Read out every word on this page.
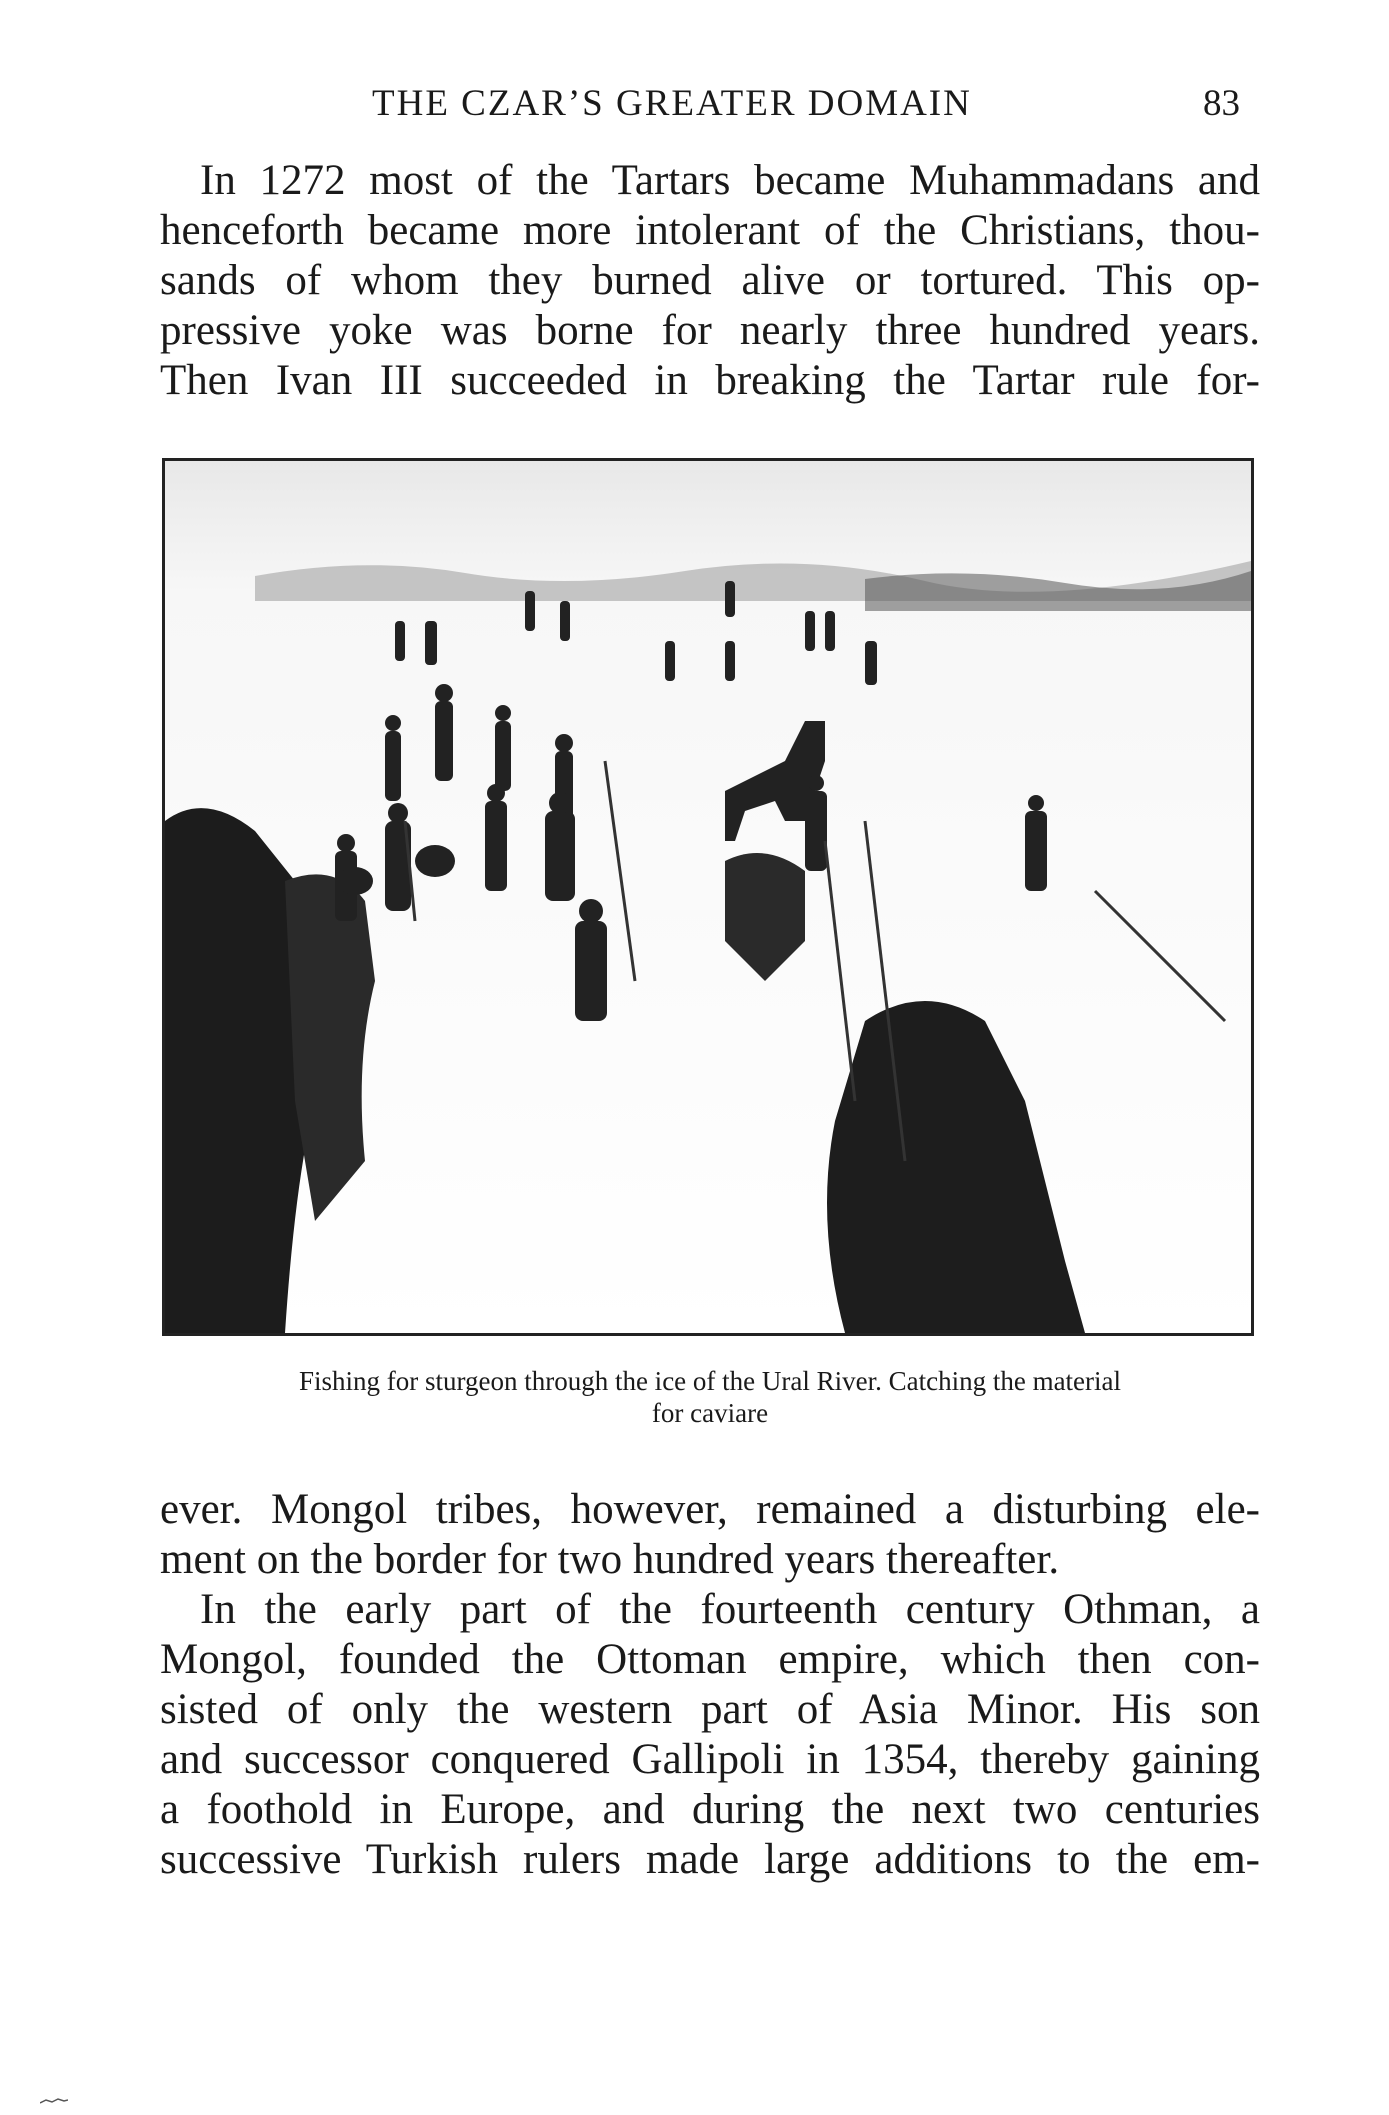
THE CZAR’S GREATER DOMAIN	83

In 1272 most of the Tartars became Muhammadans and
henceforth became more intolerant of the Christians, thou-
sands of whom they burned alive or tortured. This op-
pressive yoke was borne for nearly three hundred years.
Then Ivan III succeeded in breaking the Tartar rule for-

Fishing for sturgeon through the ice of the Ural River. Catching the material
for caviare

ever. Mongol tribes, however, remained a disturbing ele-
ment on the border for two hundred years thereafter.

In the early part of the fourteenth century Othman, a
Mongol, founded the Ottoman empire, which then con-
sisted of only the western part of Asia Minor. His son
and successor conquered Gallipoli in 1354, thereby gaining
a foothold in Europe, and during the next two centuries
successive Turkish rulers made large additions to the em-
